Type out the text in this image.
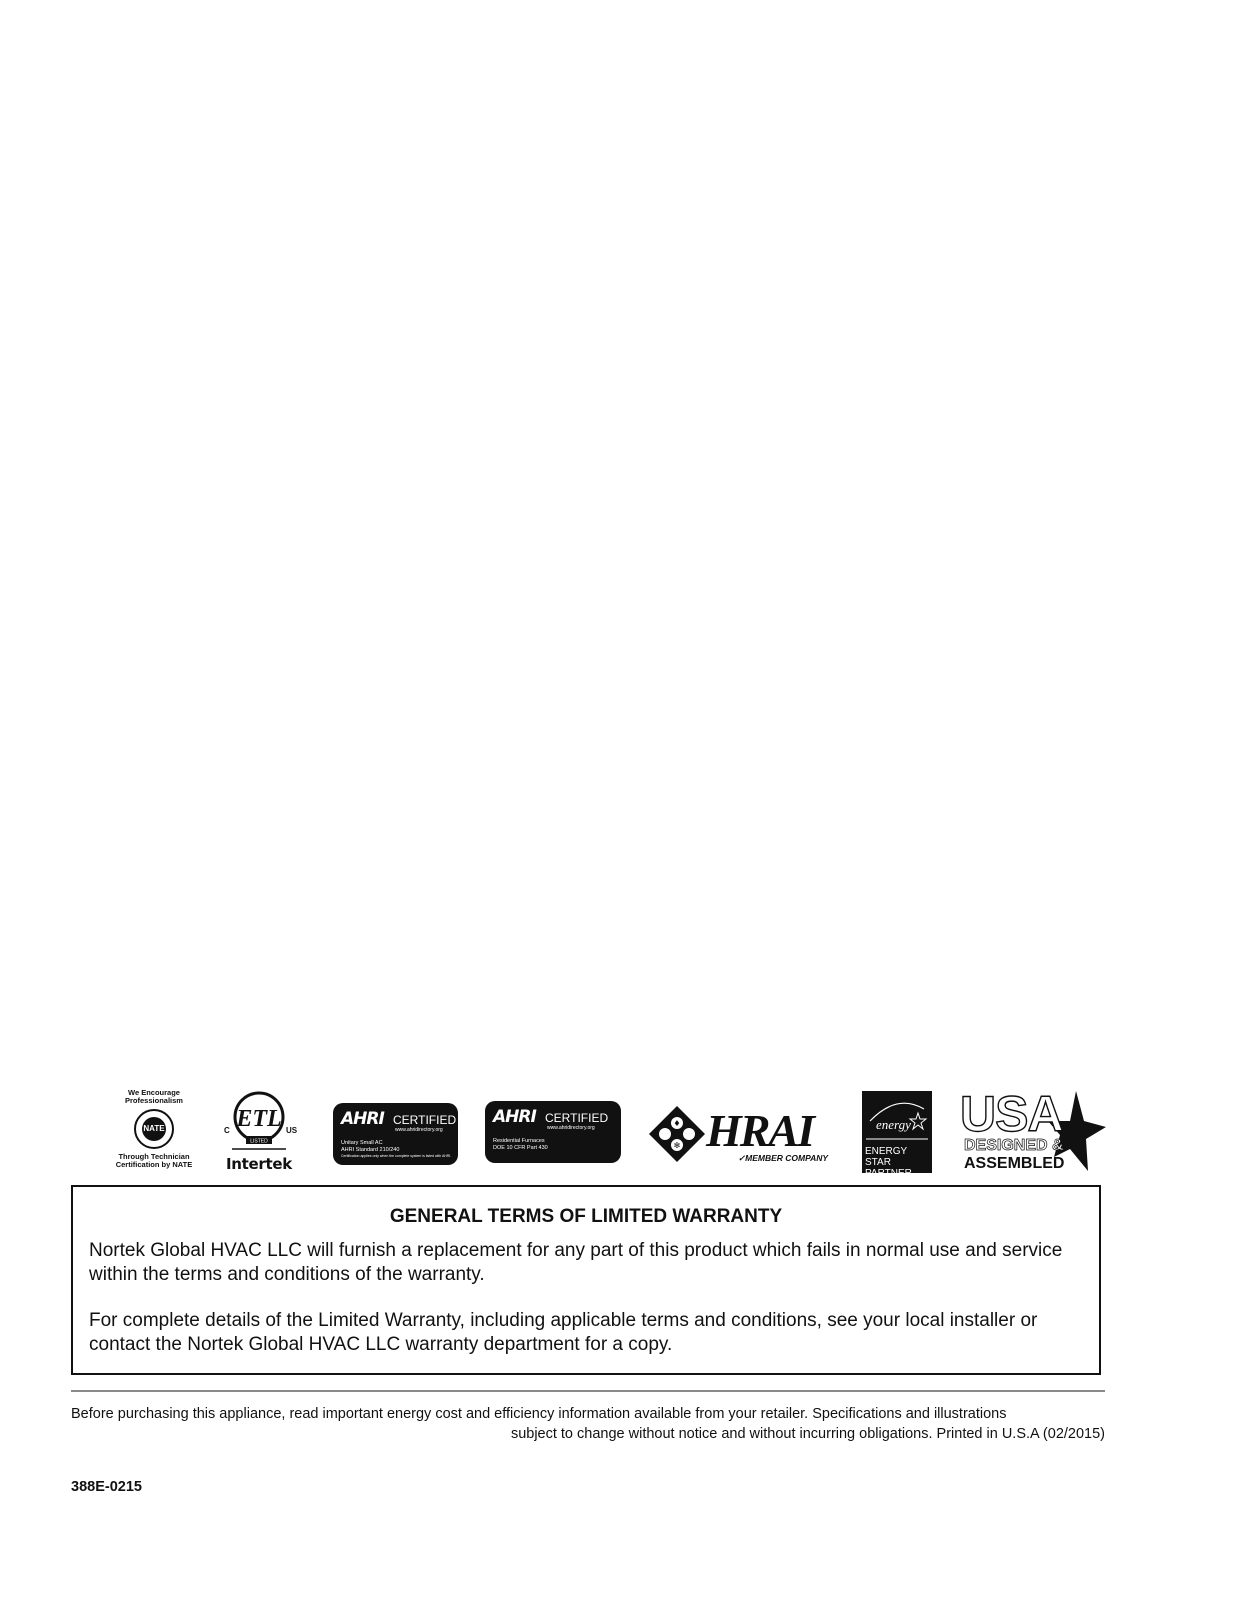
We Encourage
Professionalism
NATE
Through Technician
Certification by NATE
ETL
LISTED
C	US
Intertek
AHRI CERTIFIED
www.ahridirectory.org
Unitary Small AC
AHRI Standard 210/240
Certification applies only when the complete system is listed with AHRI.
AHRI CERTIFIED
www.ahridirectory.org
Residential Furnaces
DOE 10 CFR Part 430
♦
✻ HRAI
✓MEMBER COMPANY
energy
ENERGY STAR
PARTNER
USA
DESIGNED &
ASSEMBLED
GENERAL TERMS OF LIMITED WARRANTY

Nortek Global HVAC LLC will furnish a replacement for any part of this product which fails in normal use and service within the terms and conditions of the warranty.

For complete details of the Limited Warranty, including applicable terms and conditions, see your local installer or contact the Nortek Global HVAC LLC warranty department for a copy.

Before purchasing this appliance, read important energy cost and efficiency information available from your retailer. Specifications and illustrations
subject to change without notice and without incurring obligations. Printed in U.S.A (02/2015)
388E-0215
